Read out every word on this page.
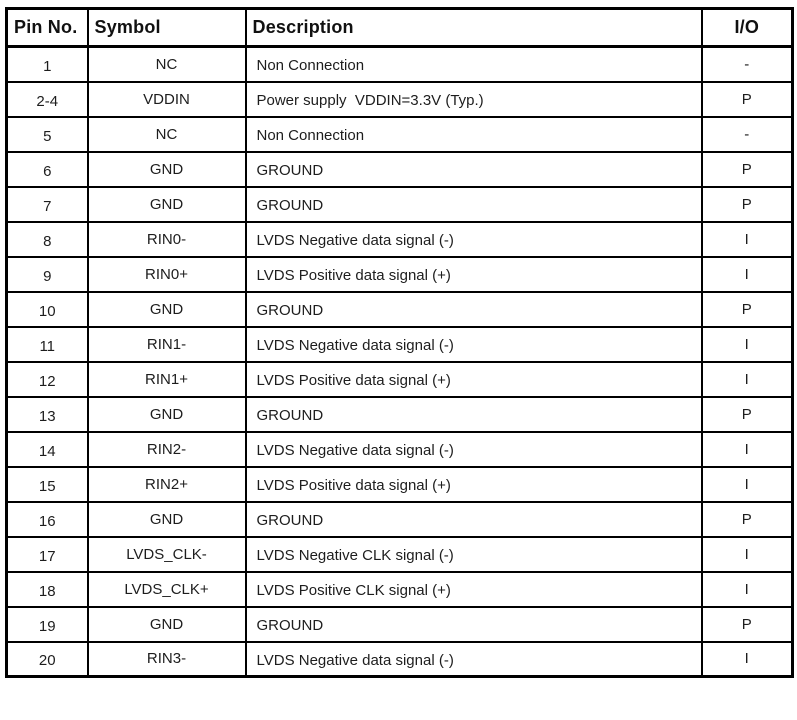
Pin No.	Symbol	Description	I/O
1	NC	Non Connection	-
2-4	VDDIN	Power supply  VDDIN=3.3V (Typ.)	P
5	NC	Non Connection	-
6	GND	GROUND	P
7	GND	GROUND	P
8	RIN0-	LVDS Negative data signal (-)	I
9	RIN0+	LVDS Positive data signal (+)	I
10	GND	GROUND	P
11	RIN1-	LVDS Negative data signal (-)	I
12	RIN1+	LVDS Positive data signal (+)	I
13	GND	GROUND	P
14	RIN2-	LVDS Negative data signal (-)	I
15	RIN2+	LVDS Positive data signal (+)	I
16	GND	GROUND	P
17	LVDS_CLK-	LVDS Negative CLK signal (-)	I
18	LVDS_CLK+	LVDS Positive CLK signal (+)	I
19	GND	GROUND	P
20	RIN3-	LVDS Negative data signal (-)	I
